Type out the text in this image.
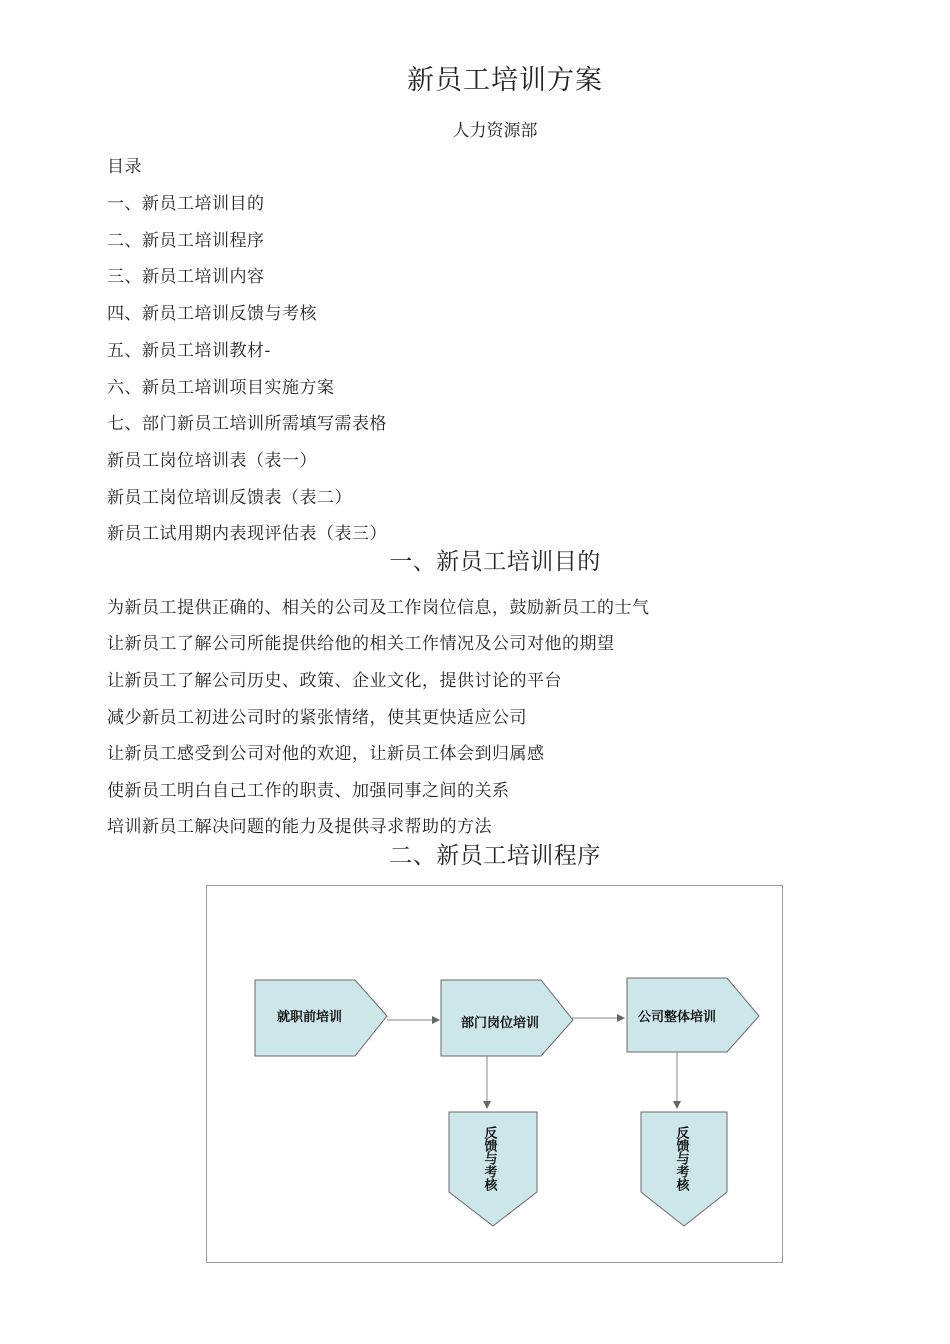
新员工培训方案
人力资源部
目录
一、新员工培训目的
二、新员工培训程序
三、新员工培训内容
四、新员工培训反馈与考核
五、新员工培训教材-
六、新员工培训项目实施方案
七、部门新员工培训所需填写需表格
新员工岗位培训表（表一）
新员工岗位培训反馈表（表二）
新员工试用期内表现评估表（表三）
一、新员工培训目的
为新员工提供正确的、相关的公司及工作岗位信息，鼓励新员工的士气
让新员工了解公司所能提供给他的相关工作情况及公司对他的期望
让新员工了解公司历史、政策、企业文化，提供讨论的平台
减少新员工初进公司时的紧张情绪，使其更快适应公司
让新员工感受到公司对他的欢迎，让新员工体会到归属感
使新员工明白自己工作的职责、加强同事之间的关系
培训新员工解决问题的能力及提供寻求帮助的方法
二、新员工培训程序
就职前培训	部门岗位培训	公司整体培训
反馈与考核	反馈与考核
